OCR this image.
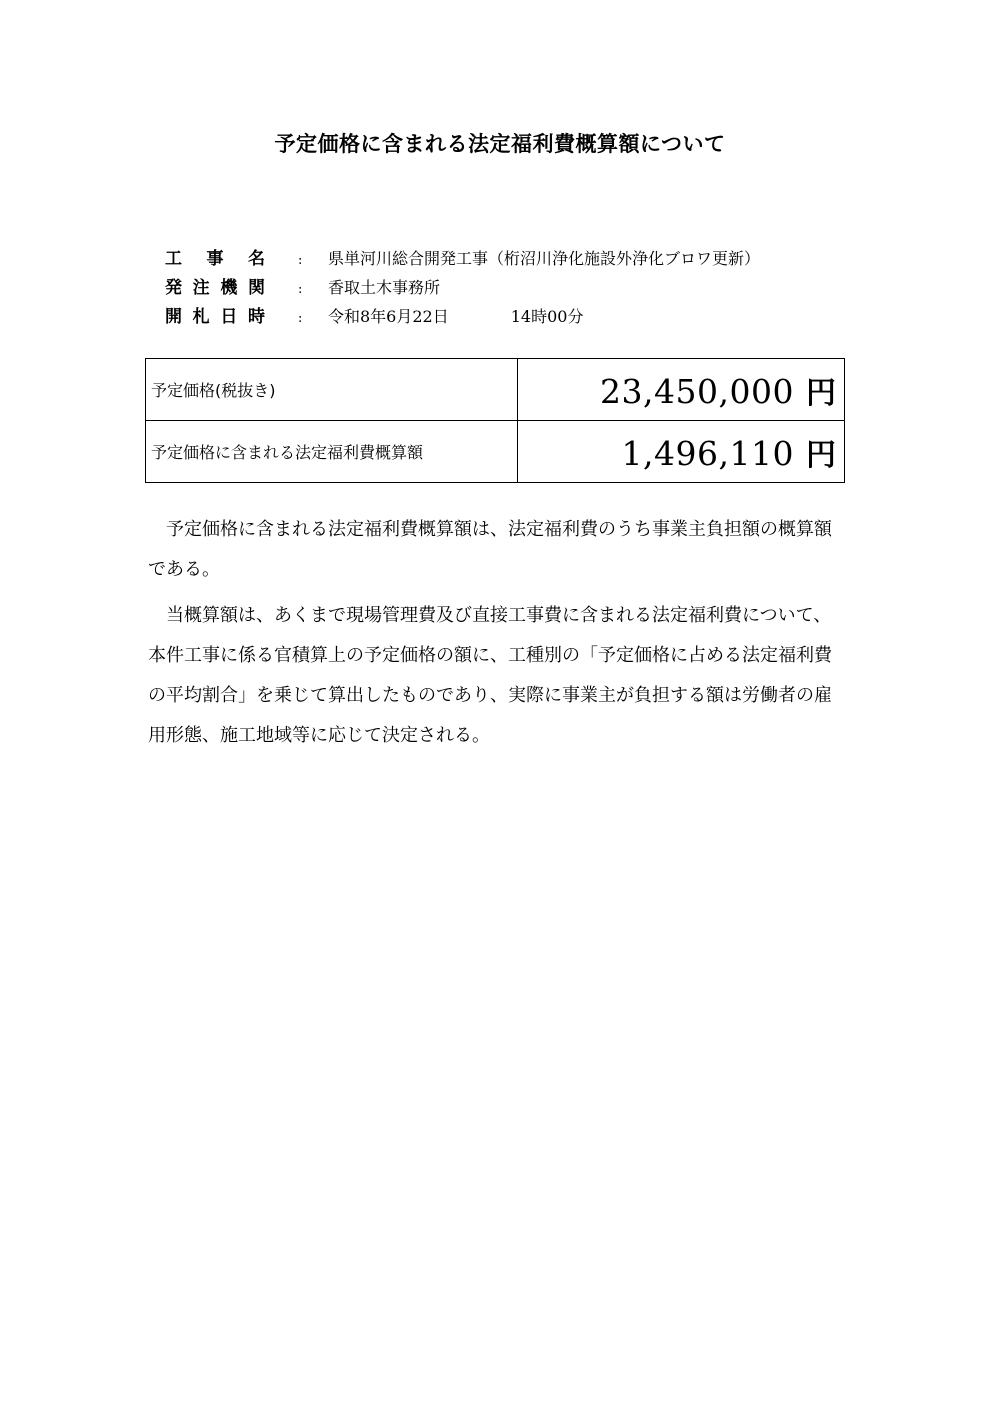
予定価格に含まれる法定福利費概算額について
工 事 名	:	県単河川総合開発工事（桁沼川浄化施設外浄化ブロワ更新）
発 注 機 関	:	香取土木事務所
開 札 日 時	:	令和8年6月22日	14時00分
予定価格(税抜き)	23,450,000 円
予定価格に含まれる法定福利費概算額	1,496,110 円

予定価格に含まれる法定福利費概算額は、法定福利費のうち事業主負担額の概算額である。

当概算額は、あくまで現場管理費及び直接工事費に含まれる法定福利費について、本件工事に係る官積算上の予定価格の額に、工種別の「予定価格に占める法定福利費の平均割合」を乗じて算出したものであり、実際に事業主が負担する額は労働者の雇用形態、施工地域等に応じて決定される。
